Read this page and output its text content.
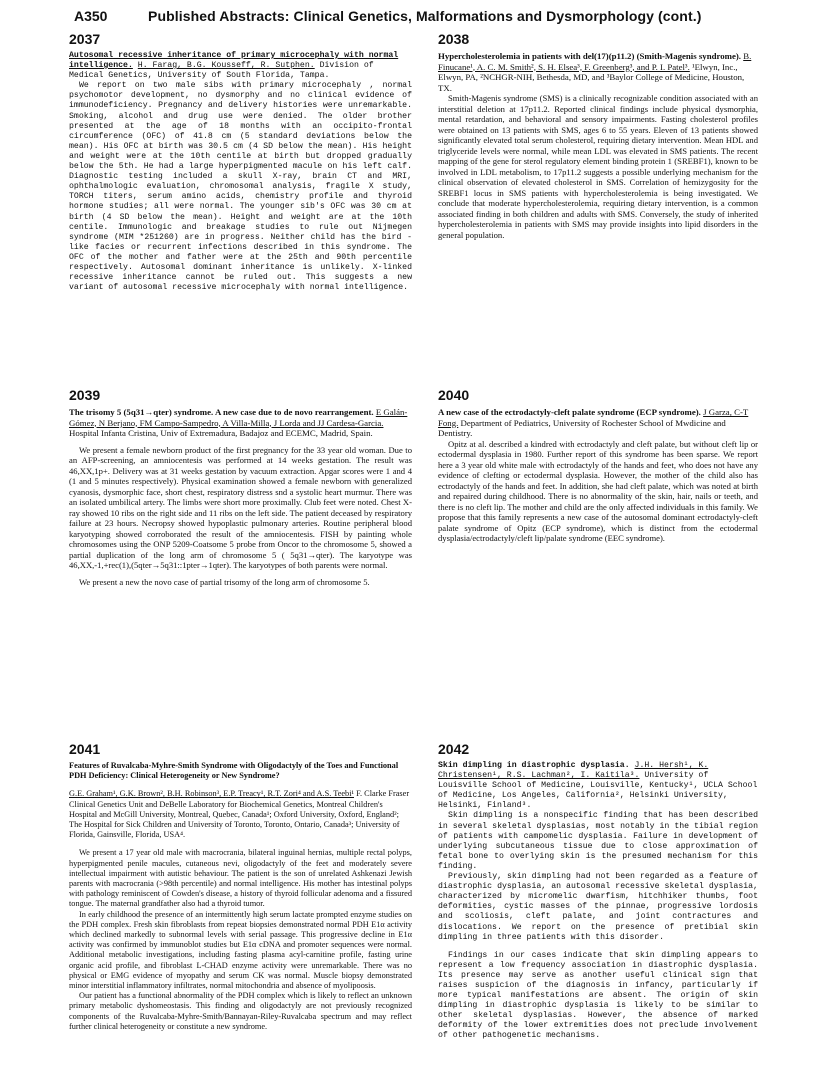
A350	Published Abstracts: Clinical Genetics, Malformations and Dysmorphology (cont.)
2037

Autosomal recessive inheritance of primary microcephaly with normal intelligence. H. Farag, B.G. Kousseff, R. Sutphen. Division of Medical Genetics, University of South Florida, Tampa.

We report on two male sibs with primary microcephaly , normal psychomotor development, no dysmorphy and no clinical evidence of immunodeficiency. Pregnancy and delivery histories were unremarkable. Smoking, alcohol and drug use were denied. The older brother presented at the age of 18 months with an occipito-frontal circumference (OFC) of 41.8 cm (5 standard deviations below the mean). His OFC at birth was 30.5 cm (4 SD below the mean). His height and weight were at the 10th centile at birth but dropped gradually below the 5th. He had a large hyperpigmented macule on his left calf. Diagnostic testing included a skull X-ray, brain CT and MRI, ophthalmologic evaluation, chromosomal analysis, fragile X study, TORCH titers, serum amino acids, chemistry profile and thyroid hormone studies; all were normal. The younger sib's OFC was 30 cm at birth (4 SD below the mean). Height and weight are at the 10th centile. Immunologic and breakage studies to rule out Nijmegen syndrome (MIM *251260) are in progress. Neither child has the bird -like facies or recurrent infections described in this syndrome. The OFC of the mother and father were at the 25th and 90th percentile respectively. Autosomal dominant inheritance is unlikely. X-linked recessive inheritance cannot be ruled out. This suggests a new variant of autosomal recessive microcephaly with normal intelligence.

2038

Hypercholesterolemia in patients with del(17)(p11.2) (Smith-Magenis syndrome). B. Finucane¹, A. C. M. Smith², S. H. Elsea³, F. Greenberg³, and P. I. Patel³. ¹Elwyn, Inc., Elwyn, PA, ²NCHGR-NIH, Bethesda, MD, and ³Baylor College of Medicine, Houston, TX.

Smith-Magenis syndrome (SMS) is a clinically recognizable condition associated with an interstitial deletion at 17p11.2. Reported clinical findings include physical dysmorphia, mental retardation, and behavioral and sensory impairments. Fasting cholesterol profiles were obtained on 13 patients with SMS, ages 6 to 55 years. Eleven of 13 patients showed significantly elevated total serum cholesterol, requiring dietary intervention. Mean HDL and triglyceride levels were normal, while mean LDL was elevated in SMS patients. The recent mapping of the gene for sterol regulatory element binding protein 1 (SREBF1), known to be involved in LDL metabolism, to 17p11.2 suggests a possible underlying mechanism for the clinical observation of elevated cholesterol in SMS. Correlation of hemizygosity for the SREBF1 locus in SMS patients with hypercholesterolemia is being investigated. We conclude that moderate hypercholesterolemia, requiring dietary intervention, is a common associated finding in both children and adults with SMS. Conversely, the study of inherited hypercholesterolemia in patients with SMS may provide insights into lipid disorders in the general population.

2039

The trisomy 5 (5q31→qter) syndrome. A new case due to de novo rearrangement. E Galán-Gómez, N Berjano, FM Campo-Sampedro, A Villa-Milla, J Lorda and JJ Cardesa-Garcia. Hospital Infanta Cristina, Univ of Extremadura, Badajoz and ECEMC, Madrid, Spain.

We present a female newborn product of the first pregnancy for the 33 year old woman. Due to an AFP-screening, an amniocentesis was performed at 14 weeks gestation. The result was 46,XX,1p+. Delivery was at 31 weeks gestation by vacuum extraction. Apgar scores were 1 and 4 (1 and 5 minutes respectively). Physical examination showed a female newborn with generalized cyanosis, dysmorphic face, short chest, respiratory distress snd a systolic heart murmur. There was an isolated umbilical artery. The limbs were short more proximally. Club feet were noted. Chest X-ray showed 10 ribs on the right side and 11 ribs on the left side. The patient deceased by respiratory failure at 23 hours. Necropsy showed hypoplastic pulmonary arteries. Routine peripheral blood karyotyping showed corroborated the result of the amniocentesis. FISH by painting whole chromosomes using the ONP 5209-Coatsome 5 probe from Oncor to the chromosome 5, showed a partial duplication of the long arm of chromosome 5 ( 5q31→qter). The karyotype was 46,XX,-1,+rec(1),(5qter→5q31::1pter→1qter). The karyotypes of both parents were normal.

We present a new the novo case of partial trisomy of the long arm of chromosome 5.

2040

A new case of the ectrodactyly-cleft palate syndrome (ECP syndrome). J Garza, C-T Fong. Department of Pediatrics, University of Rochester School of Mwdicine and Dentistry.

Opitz at al. described a kindred with ectrodactyly and cleft palate, but without cleft lip or ectodermal dysplasia in 1980. Further report of this syndrome has been sparse. We report here a 3 year old white male with ectrodactyly of the hands and feet, who does not have any evidence of clefting or ectodermal dysplasia. However, the mother of the child also has ectrodactyly of the hands and feet. In addition, she had cleft palate, which was noted at birth and repaired during childhood. There is no abnormality of the skin, hair, nails or teeth, and there is no cleft lip. The mother and child are the only affected individuals in this family. We propose that this family represents a new case of the autosomal dominant ectrodactyly-cleft palate syndrome of Opitz (ECP syndrome), which is distinct from the ectodermal dysplasia/ectrodactyly/cleft lip/palate syndrome (EEC syndrome).

2041

Features of Ruvalcaba-Myhre-Smith Syndrome with Oligodactyly of the Toes and Functional PDH Deficiency: Clinical Heterogeneity or New Syndrome?

G.E. Graham¹, G.K. Brown², B.H. Robinson³, E.P. Treacy¹, R.T. Zori⁴ and A.S. Teebi¹ F. Clarke Fraser Clinical Genetics Unit and DeBelle Laboratory for Biochemical Genetics, Montreal Children's Hospital and McGill University, Montreal, Quebec, Canada¹; Oxford University, Oxford, England²; The Hospital for Sick Children and University of Toronto, Toronto, Ontario, Canada³; University of Florida, Gainsville, Florida, USA⁴.

We present a 17 year old male with macrocrania, bilateral inguinal hernias, multiple rectal polyps, hyperpigmented penile macules, cutaneous nevi, oligodactyly of the feet and moderately severe intellectual impairment with autistic behaviour. The patient is the son of unrelated Ashkenazi Jewish parents with macrocrania (>98th percentile) and normal intelligence. His mother has intestinal polyps with pathology reminiscent of Cowden's disease, a history of thyroid follicular adenoma and a fissured tongue. The maternal grandfather also had a thyroid tumor.

In early childhood the presence of an intermittently high serum lactate prompted enzyme studies on the PDH complex. Fresh skin fibroblasts from repeat biopsies demonstrated normal PDH E1α activity which declined markedly to subnormal levels with serial passage. This progressive decline in E1α activity was confirmed by immunoblot studies but E1α cDNA and promoter sequences were normal. Additional metabolic investigations, including fasting plasma acyl-carnitine profile, fasting urine organic acid profile, and fibroblast L-CHAD enzyme activity were unremarkable. There was no physical or EMG evidence of myopathy and serum CK was normal. Muscle biopsy demonstrated minor interstitial inflammatory infiltrates, normal mitochondria and absence of myolipoosis.

Our patient has a functional abnormality of the PDH complex which is likely to reflect an unknown primary metabolic dyshomeostasis. This finding and oligodactyly are not previously recognized components of the Ruvalcaba-Myhre-Smith/Bannayan-Riley-Ruvalcaba spectrum and may reflect further clinical heterogeneity or constitute a new syndrome.

2042

Skin dimpling in diastrophic dysplasia. J.H. Hersh¹, K. Christensen¹, R.S. Lachman², I. Kaitila³. University of Louisville School of Medicine, Louisville, Kentucky¹, UCLA School of Medicine, Los Angeles, California², Helsinki University, Helsinki, Finland³.

Skin dimpling is a nonspecific finding that has been described in several skeletal dysplasias, most notably in the tibial region of patients with campomelic dysplasia. Failure in development of underlying subcutaneous tissue due to close approximation of fetal bone to overlying skin is the presumed mechanism for this finding.

Previously, skin dimpling had not been regarded as a feature of diastrophic dysplasia, an autosomal recessive skeletal dysplasia, characterized by micromelic dwarfism, hitchhiker thumbs, foot deformities, cystic masses of the pinnae, progressive lordosis and scoliosis, cleft palate, and joint contractures and dislocations. We report on the presence of pretibial skin dimpling in three patients with this disorder.

Findings in our cases indicate that skin dimpling appears to represent a low frequency association in diastrophic dysplasia. Its presence may serve as another useful clinical sign that raises suspicion of the diagnosis in infancy, particularly if more typical manifestations are absent. The origin of skin dimpling in diastrophic dysplasia is likely to be similar to other skeletal dysplasias. However, the absence of marked deformity of the lower extremities does not preclude involvement of other pathogenetic mechanisms.
